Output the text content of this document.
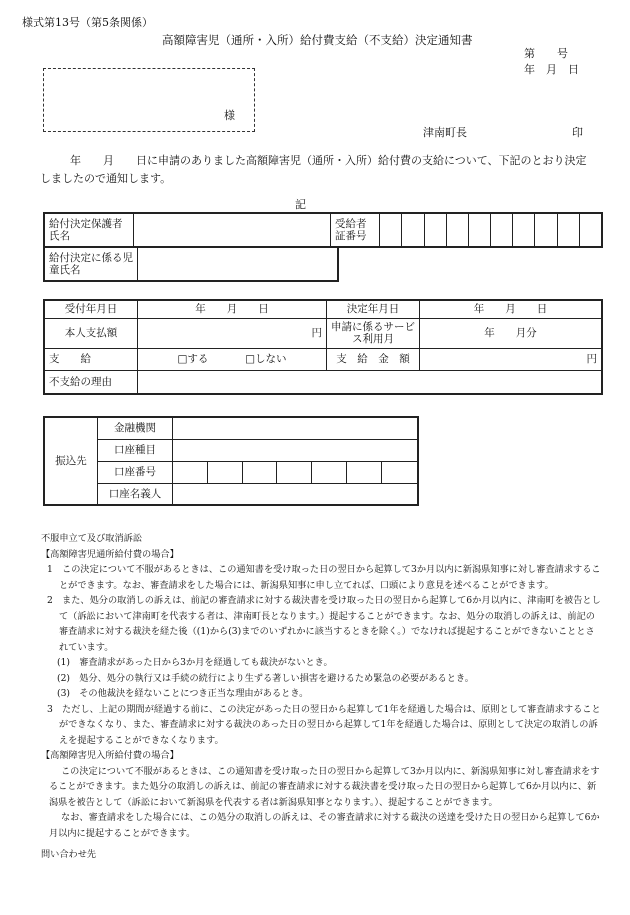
様式第13号（第5条関係）
高額障害児（通所・入所）給付費支給（不支給）決定通知書
第　　号
年　月　日
様
津南町長	印
年　　月　　日に申請のありました高額障害児（通所・入所）給付費の支給について、下記のとおり決定しましたので通知します。
記
給付決定保護者氏名		受給者証番号										
給付決定に係る児童氏名	
受付年月日	年　　月　　日	決定年月日	年　　月　　日
本人支払額	円	申請に係るサービス利用月	年　　月分
支　　給	□する □しない	支　給　金　額	円
不支給の理由			
振込先	金融機関							
	口座種目							
	口座番号							
	口座名義人							
不服申立て及び取消訴訟
【高額障害児通所給付費の場合】
1　この決定について不服があるときは、この通知書を受け取った日の翌日から起算して3か月以内に新潟県知事に対し審査請求することができます。なお、審査請求をした場合には、新潟県知事に申し立てれば、口頭により意見を述べることができます。
2　また、処分の取消しの訴えは、前記の審査請求に対する裁決書を受け取った日の翌日から起算して6か月以内に、津南町を被告として（訴訟において津南町を代表する者は、津南町長となります。）提起することができます。なお、処分の取消しの訴えは、前記の審査請求に対する裁決を経た後（(1)から(3)までのいずれかに該当するときを除く。）でなければ提起することができないこととされています。
(1)　審査請求があった日から3か月を経過しても裁決がないとき。
(2)　処分、処分の執行又は手続の続行により生ずる著しい損害を避けるため緊急の必要があるとき。
(3)　その他裁決を経ないことにつき正当な理由があるとき。
3　ただし、上記の期間が経過する前に、この決定があった日の翌日から起算して1年を経過した場合は、原則として審査請求することができなくなり、また、審査請求に対する裁決のあった日の翌日から起算して1年を経過した場合は、原則として決定の取消しの訴えを提起することができなくなります。
【高額障害児入所給付費の場合】
この決定について不服があるときは、この通知書を受け取った日の翌日から起算して3か月以内に、新潟県知事に対し審査請求をすることができます。また処分の取消しの訴えは、前記の審査請求に対する裁決書を受け取った日の翌日から起算して6か月以内に、新潟県を被告として（訴訟において新潟県を代表する者は新潟県知事となります。）、提起することができます。
なお、審査請求をした場合には、この処分の取消しの訴えは、その審査請求に対する裁決の送達を受けた日の翌日から起算して6か月以内に提起することができます。
問い合わせ先
